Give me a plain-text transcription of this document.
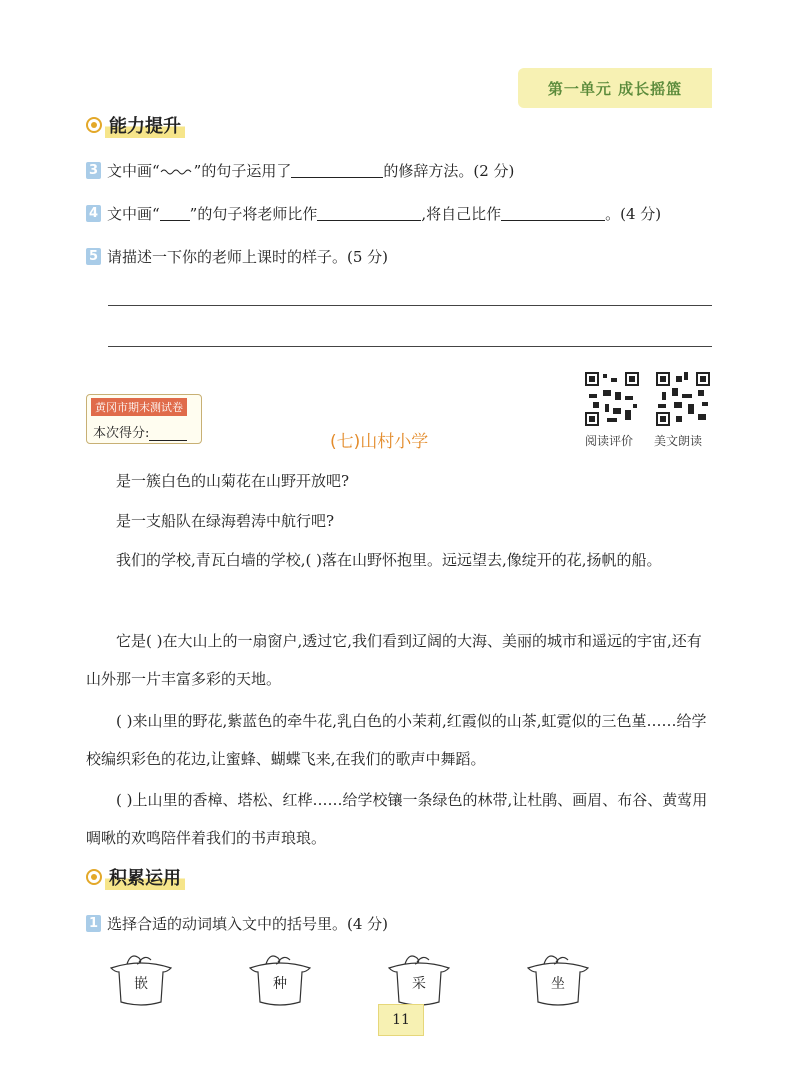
第一单元 成长摇篮
能力提升
3 文中画“ ”的句子运用了	的修辞方法。(2 分)
4 文中画“ ”的句子将老师比作	,将自己比作	。(4 分)
5 请描述一下你的老师上课时的样子。(5 分)
黄冈市期末测试卷
本次得分:	(七)山村小学	阅读评价 美文朗读
是一簇白色的山菊花在山野开放吧?
是一支船队在绿海碧涛中航行吧?
我们的学校,青瓦白墙的学校,( )落在山野怀抱里。远远望去,像绽开的花,扬帆的船。
它是( )在大山上的一扇窗户,透过它,我们看到辽阔的大海、美丽的城市和遥远的宇宙,还有山外那一片丰富多彩的天地。
( )来山里的野花,紫蓝色的牵牛花,乳白色的小茉莉,红霞似的山茶,虹霓似的三色堇……给学校编织彩色的花边,让蜜蜂、蝴蝶飞来,在我们的歌声中舞蹈。
( )上山里的香樟、塔松、红桦……给学校镶一条绿色的林带,让杜鹃、画眉、布谷、黄莺用啁啾的欢鸣陪伴着我们的书声琅琅。
积累运用
1 选择合适的动词填入文中的括号里。(4 分)
嵌	种	采	坐
11
